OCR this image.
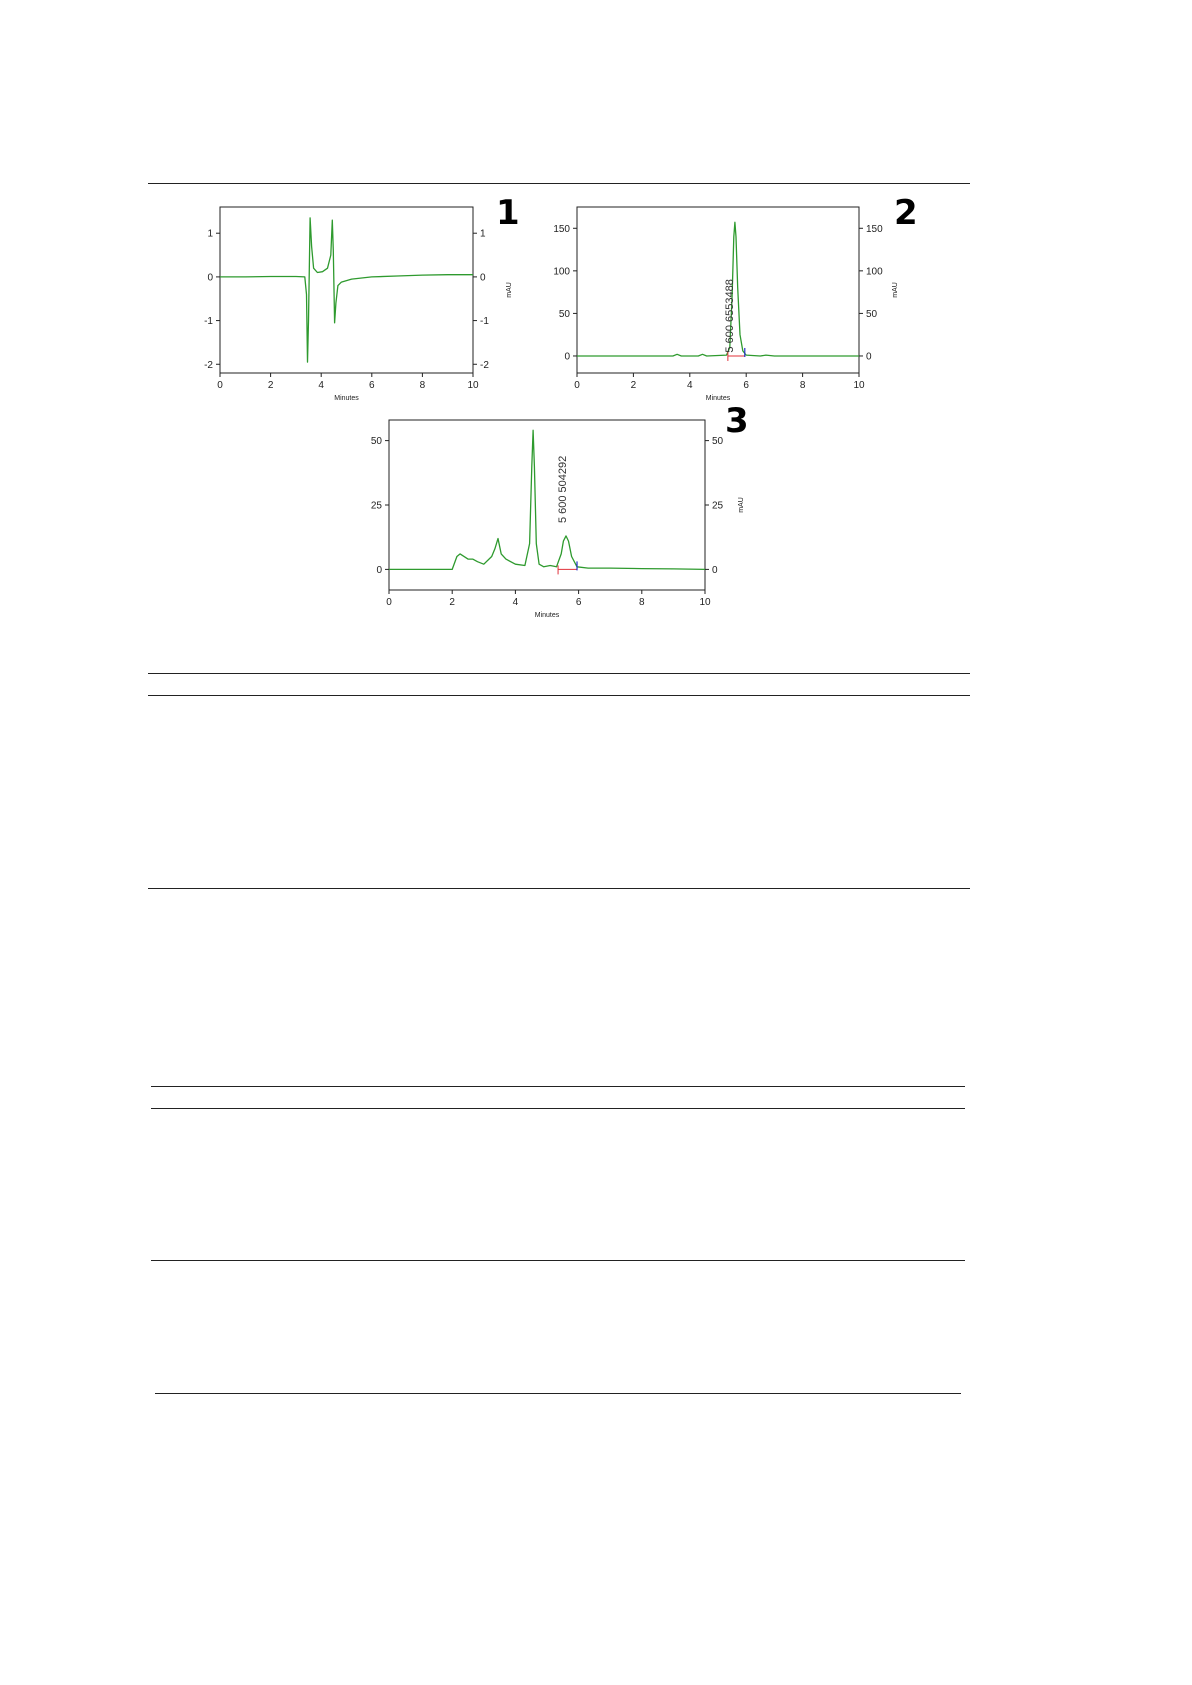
0	2	4	6	8	10
Minutes
-2
-1
0
1
-2
-1
0
1
mAU
1
0	2	4	6	8	10
Minutes
0
50
100
150
0
50
100
150
mAU
5 600 6553488
2
0	2	4	6	8	10
Minutes
0
25
50
0
25
50
mAU
5 600 504292
3
